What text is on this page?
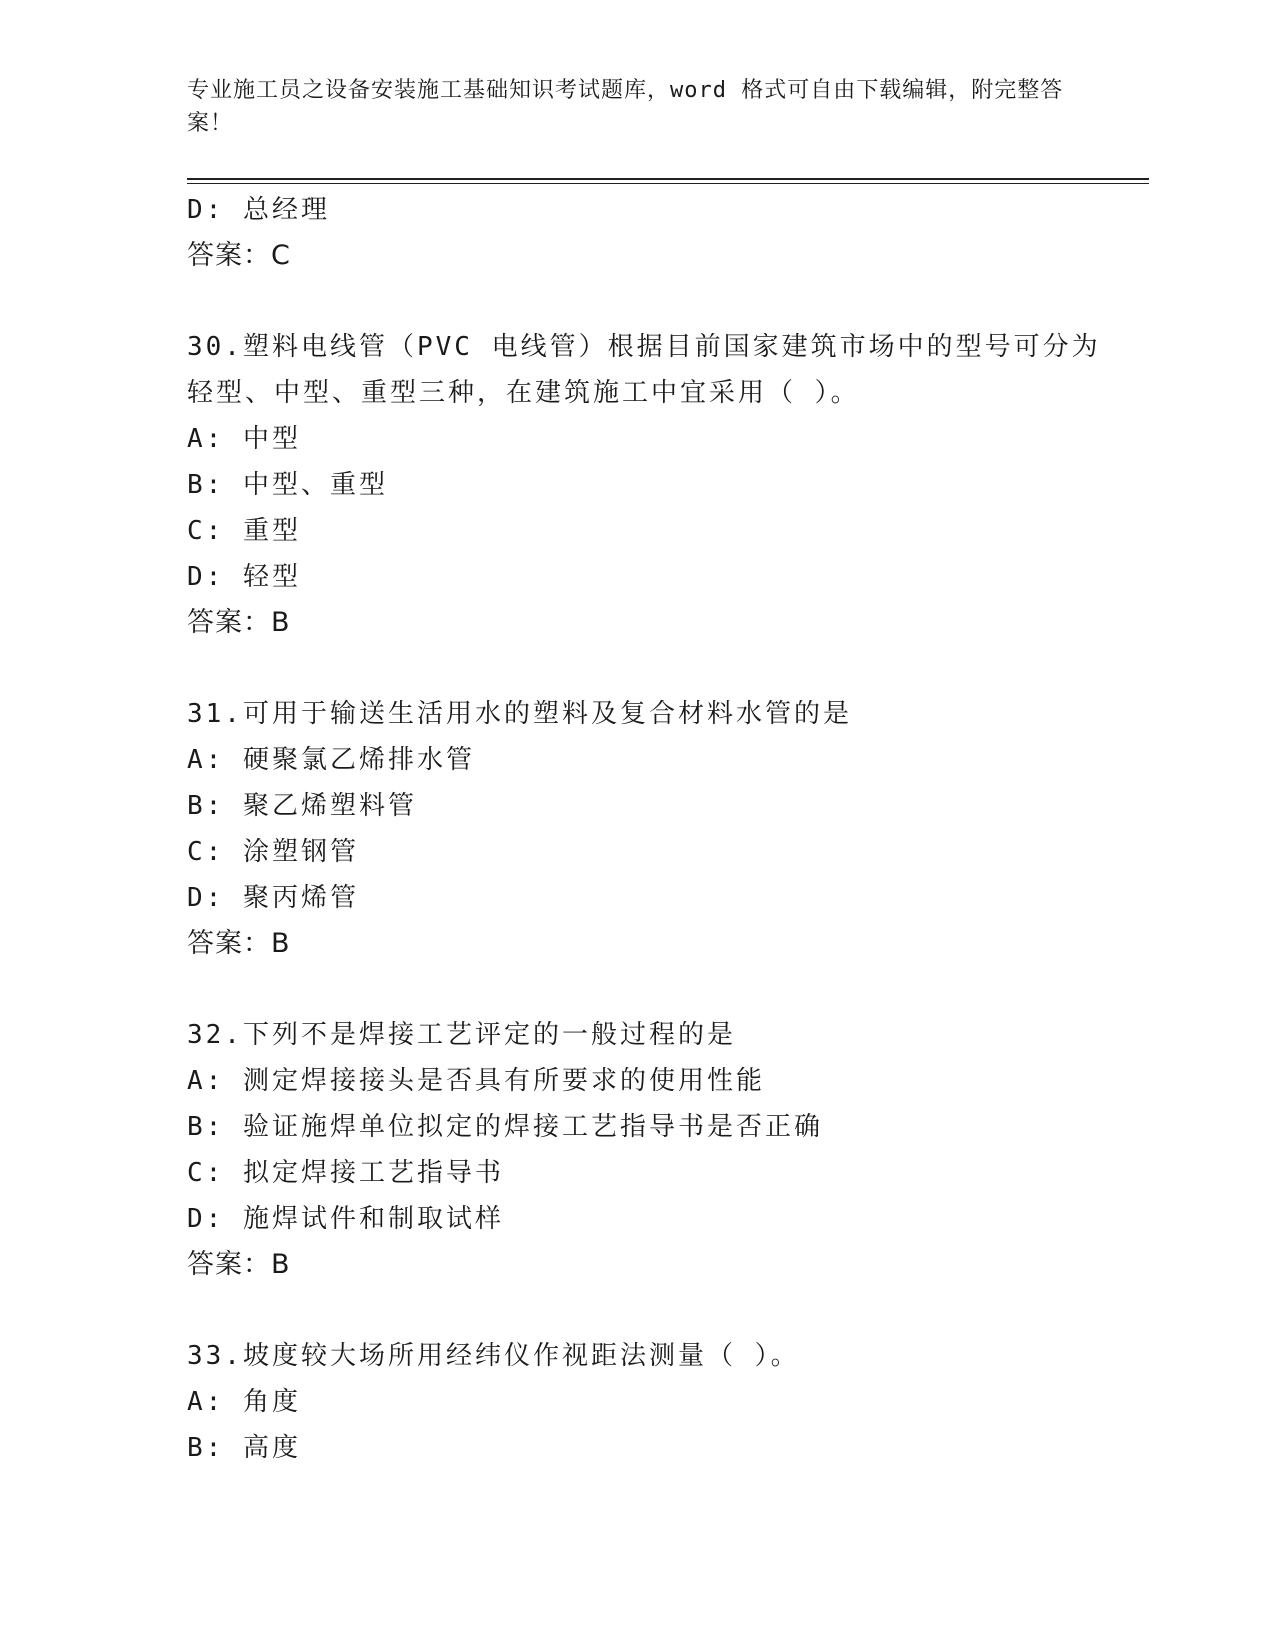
专业施工员之设备安装施工基础知识考试题库，word 格式可自由下载编辑，附完整答案！
D: 总经理
答案：C
30.塑料电线管（PVC 电线管）根据目前国家建筑市场中的型号可分为
轻型、中型、重型三种，在建筑施工中宜采用（ ）。
A: 中型
B: 中型、重型
C: 重型
D: 轻型
答案：B
31.可用于输送生活用水的塑料及复合材料水管的是
A: 硬聚氯乙烯排水管
B: 聚乙烯塑料管
C: 涂塑钢管
D: 聚丙烯管
答案：B
32.下列不是焊接工艺评定的一般过程的是
A: 测定焊接接头是否具有所要求的使用性能
B: 验证施焊单位拟定的焊接工艺指导书是否正确
C: 拟定焊接工艺指导书
D: 施焊试件和制取试样
答案：B
33.坡度较大场所用经纬仪作视距法测量（ ）。
A: 角度
B: 高度
